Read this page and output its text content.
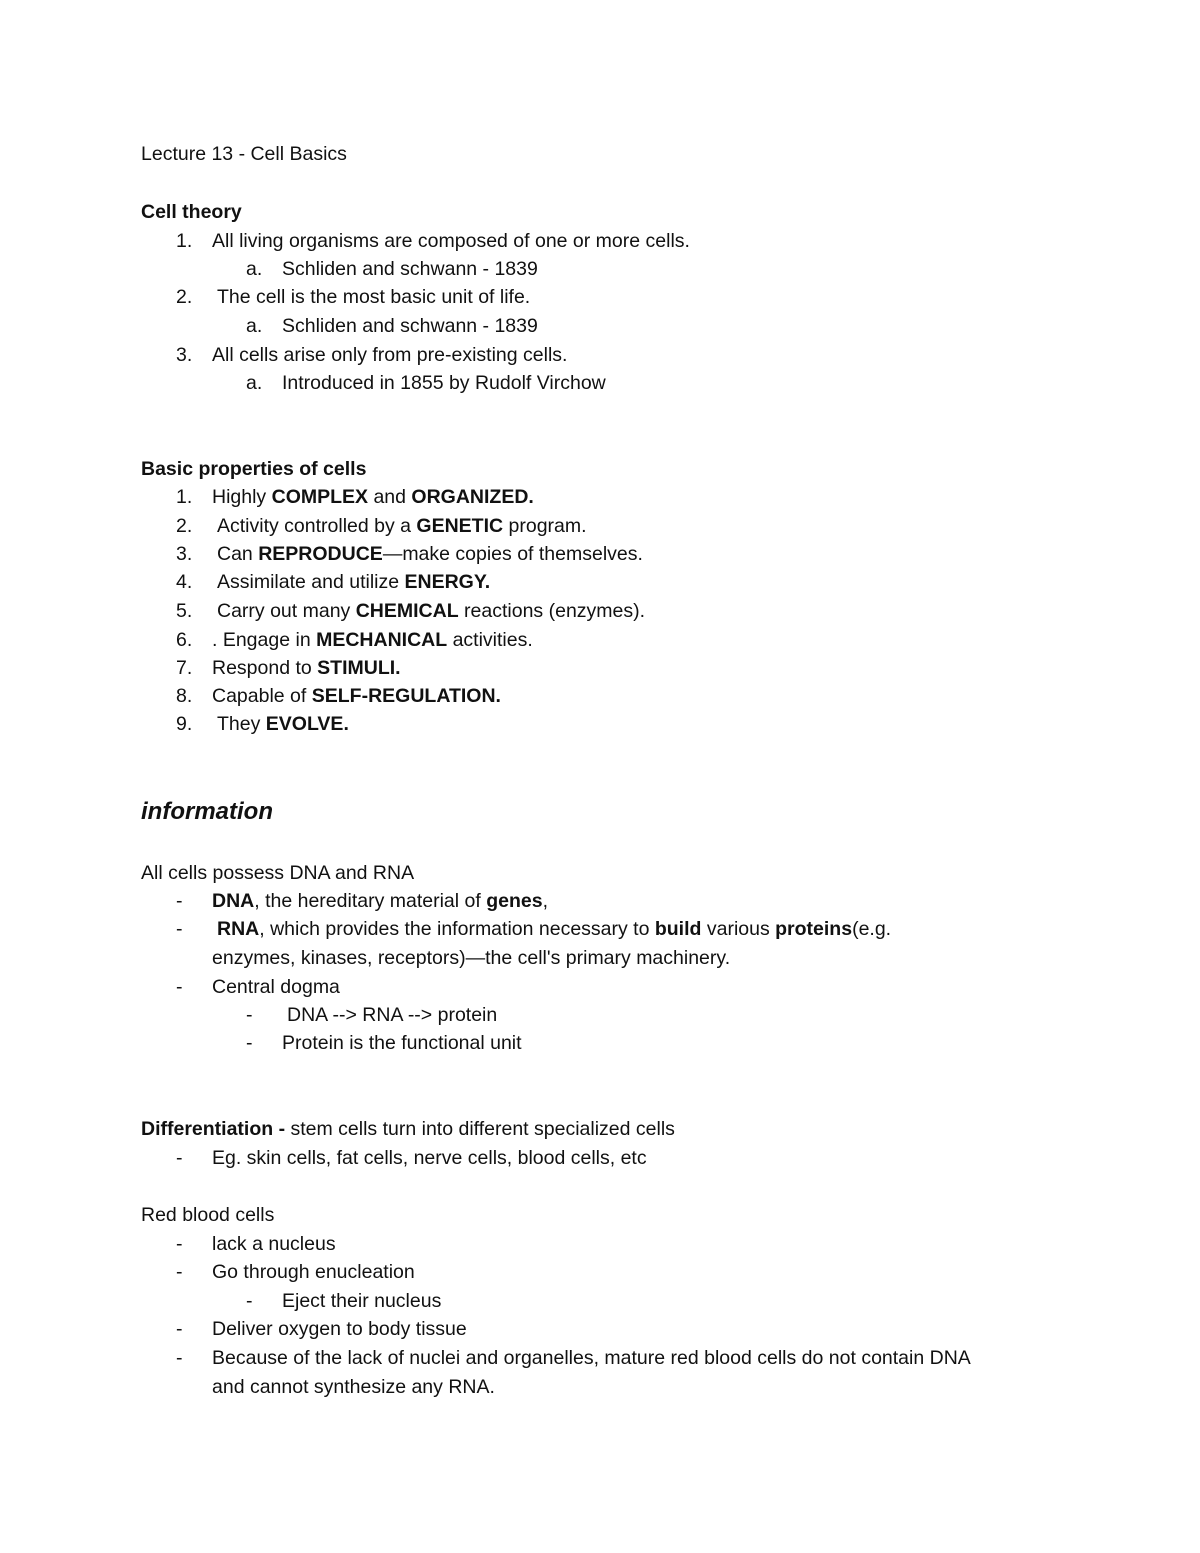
Lecture 13 - Cell Basics
Cell theory
1. All living organisms are composed of one or more cells.
a. Schliden and schwann - 1839
2. The cell is the most basic unit of life.
a. Schliden and schwann - 1839
3. All cells arise only from pre-existing cells.
a. Introduced in 1855 by Rudolf Virchow
Basic properties of cells
1. Highly COMPLEX and ORGANIZED.
2. Activity controlled by a GENETIC program.
3. Can REPRODUCE—make copies of themselves.
4. Assimilate and utilize ENERGY.
5. Carry out many CHEMICAL reactions (enzymes).
6. . Engage in MECHANICAL activities.
7. Respond to STIMULI.
8. Capable of SELF-REGULATION.
9. They EVOLVE.
information
All cells possess DNA and RNA
- DNA, the hereditary material of genes,
- RNA, which provides the information necessary to build various proteins(e.g.
enzymes, kinases, receptors)—the cell's primary machinery.
- Central dogma
- DNA --> RNA --> protein
- Protein is the functional unit
Differentiation - stem cells turn into different specialized cells
- Eg. skin cells, fat cells, nerve cells, blood cells, etc
Red blood cells
- lack a nucleus
- Go through enucleation
- Eject their nucleus
- Deliver oxygen to body tissue
- Because of the lack of nuclei and organelles, mature red blood cells do not contain DNA
and cannot synthesize any RNA.
